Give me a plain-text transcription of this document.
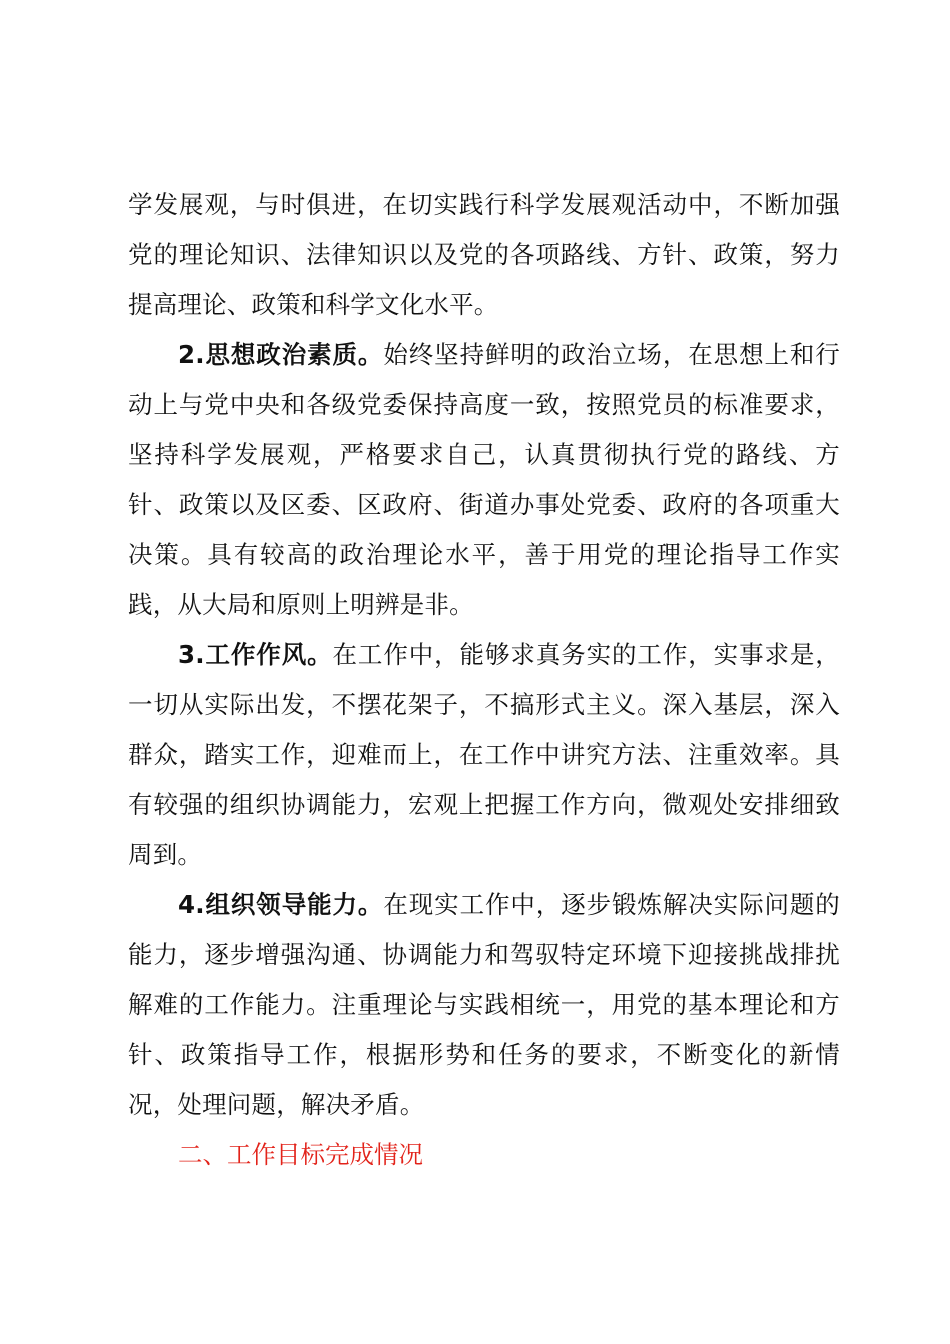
学发展观，与时俱进，在切实践行科学发展观活动中，不断加强党的理论知识、法律知识以及党的各项路线、方针、政策，努力提高理论、政策和科学文化水平。

2.思想政治素质。始终坚持鲜明的政治立场，在思想上和行动上与党中央和各级党委保持高度一致，按照党员的标准要求，坚持科学发展观，严格要求自己，认真贯彻执行党的路线、方针、政策以及区委、区政府、街道办事处党委、政府的各项重大决策。具有较高的政治理论水平，善于用党的理论指导工作实践，从大局和原则上明辨是非。

3.工作作风。在工作中，能够求真务实的工作，实事求是，一切从实际出发，不摆花架子，不搞形式主义。深入基层，深入群众，踏实工作，迎难而上，在工作中讲究方法、注重效率。具有较强的组织协调能力，宏观上把握工作方向，微观处安排细致周到。

4.组织领导能力。在现实工作中，逐步锻炼解决实际问题的能力，逐步增强沟通、协调能力和驾驭特定环境下迎接挑战排扰解难的工作能力。注重理论与实践相统一，用党的基本理论和方针、政策指导工作，根据形势和任务的要求，不断变化的新情况，处理问题，解决矛盾。

二、工作目标完成情况
